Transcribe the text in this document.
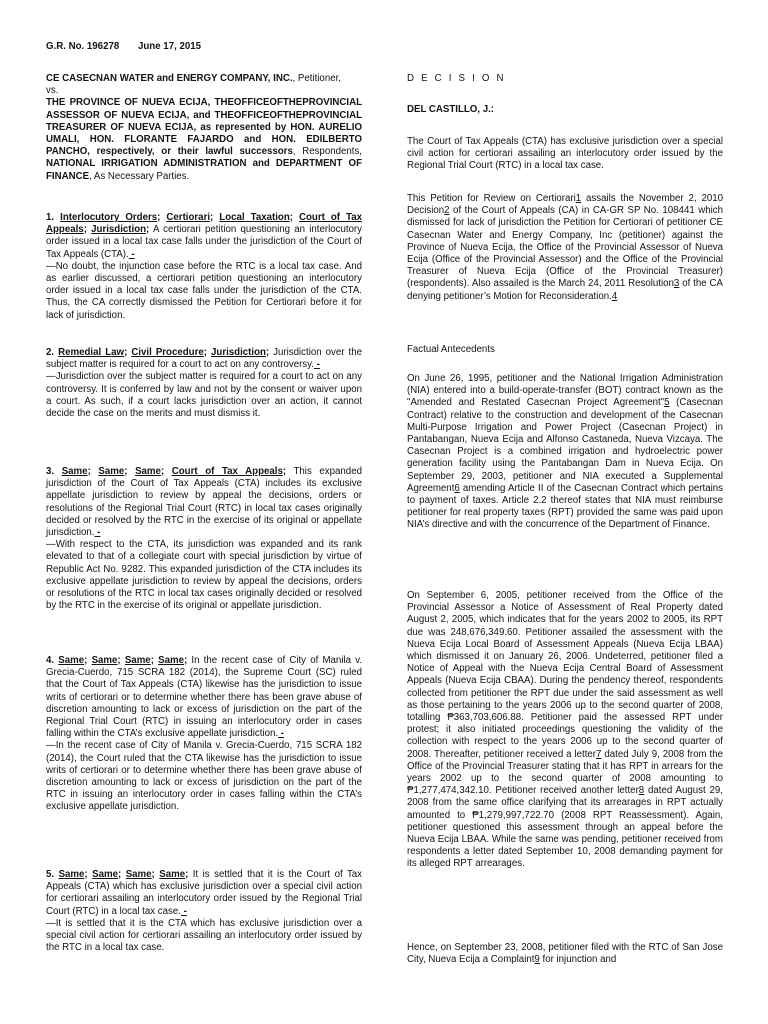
G.R. No. 196278 June 17, 2015

CE CASECNAN WATER and ENERGY COMPANY, INC., Petitioner,
vs.
THE PROVINCE OF NUEVA ECIJA, THEOFFICEOFTHEPROVINCIAL ASSESSOR OF NUEVA ECIJA, and THEOFFICEOFTHEPROVINCIAL TREASURER OF NUEVA ECIJA, as represented by HON. AURELIO UMALI, HON. FLORANTE FAJARDO and HON. EDILBERTO PANCHO, respectively, or their lawful successors, Respondents, NATIONAL IRRIGATION ADMINISTRATION and DEPARTMENT OF FINANCE, As Necessary Parties.

1. Interlocutory Orders; Certiorari; Local Taxation; Court of Tax Appeals; Jurisdiction; A certiorari petition questioning an interlocutory order issued in a local tax case falls under the jurisdiction of the Court of Tax Appeals (CTA). -
—No doubt, the injunction case before the RTC is a local tax case. And as earlier discussed, a certiorari petition questioning an interlocutory order issued in a local tax case falls under the jurisdiction of the CTA. Thus, the CA correctly dismissed the Petition for Certiorari before it for lack of jurisdiction.

2. Remedial Law; Civil Procedure; Jurisdiction; Jurisdiction over the subject matter is required for a court to act on any controversy. -
—Jurisdiction over the subject matter is required for a court to act on any controversy. It is conferred by law and not by the consent or waiver upon a court. As such, if a court lacks jurisdiction over an action, it cannot decide the case on the merits and must dismiss it.

3. Same; Same; Same; Court of Tax Appeals; This expanded jurisdiction of the Court of Tax Appeals (CTA) includes its exclusive appellate jurisdiction to review by appeal the decisions, orders or resolutions of the Regional Trial Court (RTC) in local tax cases originally decided or resolved by the RTC in the exercise of its original or appellate jurisdiction. -
—With respect to the CTA, its jurisdiction was expanded and its rank elevated to that of a collegiate court with special jurisdiction by virtue of Republic Act No. 9282. This expanded jurisdiction of the CTA includes its exclusive appellate jurisdiction to review by appeal the decisions, orders or resolutions of the RTC in local tax cases originally decided or resolved by the RTC in the exercise of its original or appellate jurisdiction.

4. Same; Same; Same; Same; In the recent case of City of Manila v. Grecia-Cuerdo, 715 SCRA 182 (2014), the Supreme Court (SC) ruled that the Court of Tax Appeals (CTA) likewise has the jurisdiction to issue writs of certiorari or to determine whether there has been grave abuse of discretion amounting to lack or excess of jurisdiction on the part of the Regional Trial Court (RTC) in issuing an interlocutory order in cases falling within the CTA’s exclusive appellate jurisdiction. -
—In the recent case of City of Manila v. Grecia-Cuerdo, 715 SCRA 182 (2014), the Court ruled that the CTA likewise has the jurisdiction to issue writs of certiorari or to determine whether there has been grave abuse of discretion amounting to lack or excess of jurisdiction on the part of the RTC in issuing an interlocutory order in cases falling within the CTA’s exclusive appellate jurisdiction.

5. Same; Same; Same; Same; It is settled that it is the Court of Tax Appeals (CTA) which has exclusive jurisdiction over a special civil action for certiorari assailing an interlocutory order issued by the Regional Trial Court (RTC) in a local tax case. -
—It is settled that it is the CTA which has exclusive jurisdiction over a special civil action for certiorari assailing an interlocutory order issued by the RTC in a local tax case.

D E C I S I O N

DEL CASTILLO, J.:

The Court of Tax Appeals (CTA) has exclusive jurisdiction over a special civil action for certiorari assailing an interlocutory order issued by the Regional Trial Court (RTC) in a local tax case.

This Petition for Review on Certiorari1 assails the November 2, 2010 Decision2 of the Court of Appeals (CA) in CA-GR SP No. 108441 which dismissed for lack of jurisdiction the Petition for Certiorari of petitioner CE Casecnan Water and Energy Company, Inc (petitioner) against the Province of Nueva Ecija, the Office of the Provincial Assessor of Nueva Ecija (Office of the Provincial Assessor) and the Office of the Provincial Treasurer of Nueva Ecija (Office of the Provincial Treasurer) (respondents). Also assailed is the March 24, 2011 Resolution3 of the CA denying petitioner’s Motion for Reconsideration.4

Factual Antecedents

On June 26, 1995, petitioner and the National Irrigation Administration (NIA) entered into a build-operate-transfer (BOT) contract known as the "Amended and Restated Casecnan Project Agreement"5 (Casecnan Contract) relative to the construction and development of the Casecnan Multi-Purpose Irrigation and Power Project (Casecnan Project) in Pantabangan, Nueva Ecija and Alfonso Castaneda, Nueva Vizcaya. The Casecnan Project is a combined irrigation and hydroelectric power generation facility using the Pantabangan Dam in Nueva Ecija. On September 29, 2003, petitioner and NIA executed a Supplemental Agreement6 amending Article II of the Casecnan Contract which pertains to payment of taxes. Article 2.2 thereof states that NIA must reimburse petitioner for real property taxes (RPT) provided the same was paid upon NIA’s directive and with the concurrence of the Department of Finance.

On September 6, 2005, petitioner received from the Office of the Provincial Assessor a Notice of Assessment of Real Property dated August 2, 2005, which indicates that for the years 2002 to 2005, its RPT due was 248,676,349.60. Petitioner assailed the assessment with the Nueva Ecija Local Board of Assessment Appeals (Nueva Ecija LBAA) which dismissed it on January 26, 2006. Undeterred, petitioner filed a Notice of Appeal with the Nueva Ecija Central Board of Assessment Appeals (Nueva Ecija CBAA). During the pendency thereof, respondents collected from petitioner the RPT due under the said assessment as well as those pertaining to the years 2006 up to the second quarter of 2008, totalling ₱363,703,606.88. Petitioner paid the assessed RPT under protest; it also initiated proceedings questioning the validity of the collection with respect to the years 2006 up to the second quarter of 2008. Thereafter, petitioner received a letter7 dated July 9, 2008 from the Office of the Provincial Treasurer stating that it has RPT in arrears for the years 2002 up to the second quarter of 2008 amounting to ₱1,277,474,342.10. Petitioner received another letter8 dated August 29, 2008 from the same office clarifying that its arrearages in RPT actually amounted to ₱1,279,997,722.70 (2008 RPT Reassessment). Again, petitioner questioned this assessment through an appeal before the Nueva Ecija LBAA. While the same was pending, petitioner received from respondents a letter dated September 10, 2008 demanding payment for its alleged RPT arrearages.

Hence, on September 23, 2008, petitioner filed with the RTC of San Jose City, Nueva Ecija a Complaint9 for injunction and
